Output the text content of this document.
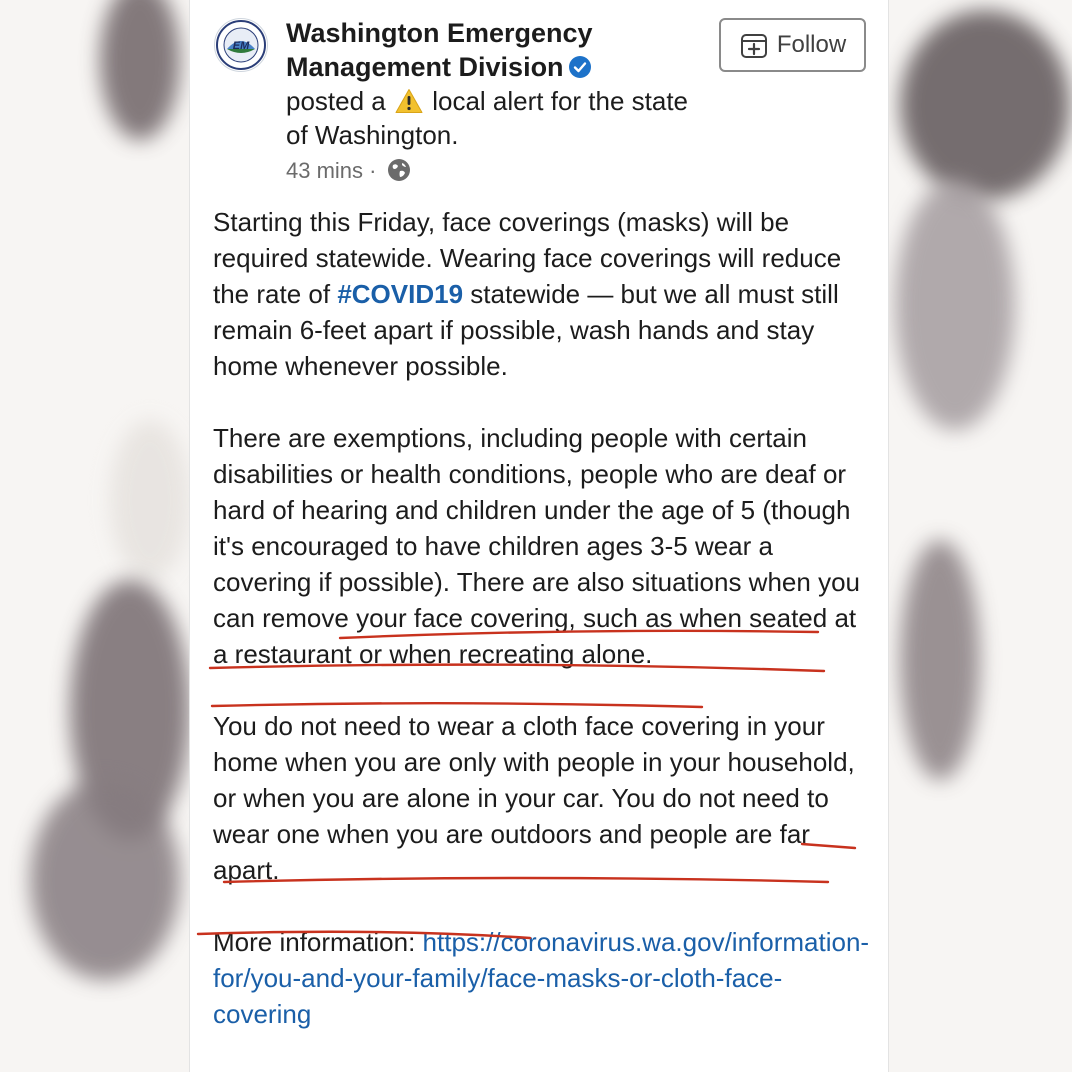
EM Washington Emergency Management Division
posted a local alert for the state of Washington.
43 mins ·
Follow

Starting this Friday, face coverings (masks) will be required statewide. Wearing face coverings will reduce the rate of #COVID19 statewide — but we all must still remain 6-feet apart if possible, wash hands and stay home whenever possible.

There are exemptions, including people with certain disabilities or health conditions, people who are deaf or hard of hearing and children under the age of 5 (though it's encouraged to have children ages 3-5 wear a covering if possible). There are also situations when you can remove your face covering, such as when seated at a restaurant or when recreating alone.

You do not need to wear a cloth face covering in your home when you are only with people in your household, or when you are alone in your car. You do not need to wear one when you are outdoors and people are far apart.

More information: https://coronavirus.wa.gov/information-for/you-and-your-family/face-masks-or-cloth-face-covering
